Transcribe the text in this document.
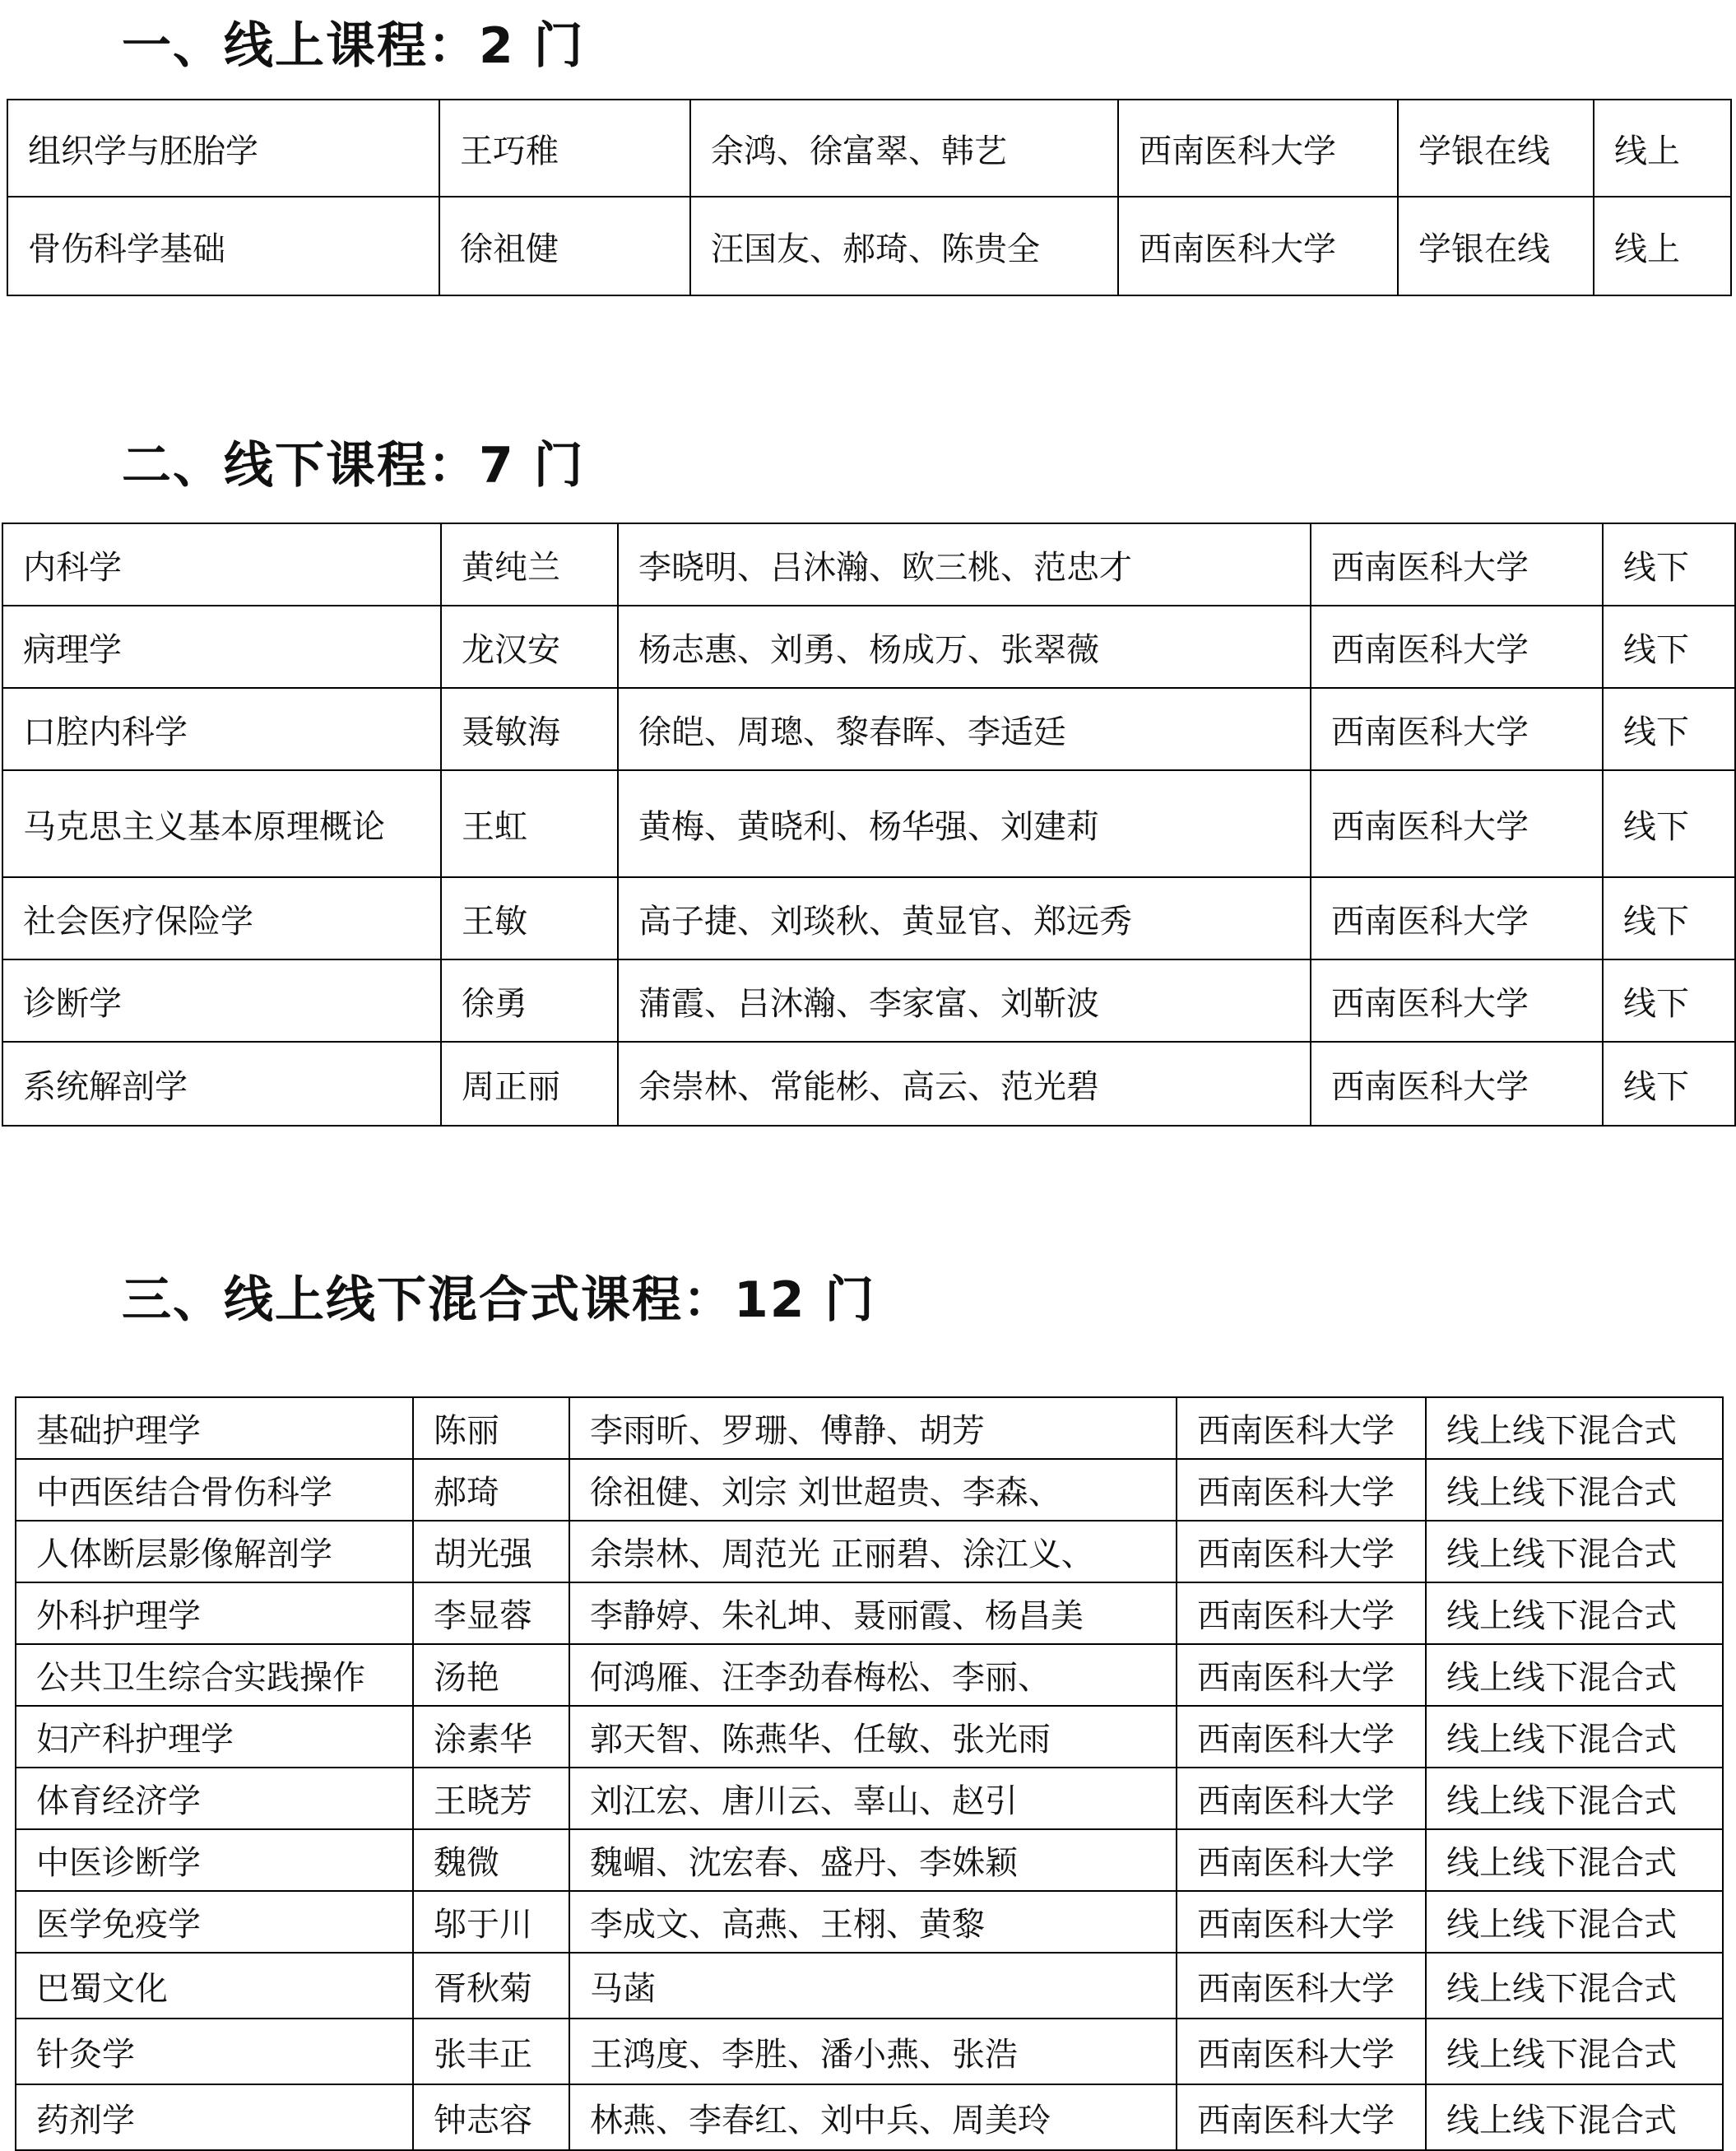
一、线上课程：2 门
组织学与胚胎学	王巧稚	余鸿、徐富翠、韩艺	西南医科大学	学银在线	线上
骨伤科学基础	徐祖健	汪国友、郝琦、陈贵全	西南医科大学	学银在线	线上
二、线下课程：7 门
内科学	黄纯兰	李晓明、吕沐瀚、欧三桃、范忠才	西南医科大学	线下
病理学	龙汉安	杨志惠、刘勇、杨成万、张翠薇	西南医科大学	线下
口腔内科学	聂敏海	徐皑、周璁、黎春晖、李适廷	西南医科大学	线下
马克思主义基本原理概论	王虹	黄梅、黄晓利、杨华强、刘建莉	西南医科大学	线下
社会医疗保险学	王敏	高子捷、刘琰秋、黄显官、郑远秀	西南医科大学	线下
诊断学	徐勇	蒲霞、吕沐瀚、李家富、刘靳波	西南医科大学	线下
系统解剖学	周正丽	余崇林、常能彬、高云、范光碧	西南医科大学	线下
三、线上线下混合式课程：12 门
基础护理学	陈丽	李雨昕、罗珊、傅静、胡芳	西南医科大学	线上线下混合式
中西医结合骨伤科学	郝琦	徐祖健、刘宗 刘世超贵、李森、	西南医科大学	线上线下混合式
人体断层影像解剖学	胡光强	余崇林、周范光 正丽碧、涂江义、	西南医科大学	线上线下混合式
外科护理学	李显蓉	李静婷、朱礼坤、聂丽霞、杨昌美	西南医科大学	线上线下混合式
公共卫生综合实践操作	汤艳	何鸿雁、汪李劲春梅松、李丽、	西南医科大学	线上线下混合式
妇产科护理学	涂素华	郭天智、陈燕华、任敏、张光雨	西南医科大学	线上线下混合式
体育经济学	王晓芳	刘江宏、唐川云、辜山、赵引	西南医科大学	线上线下混合式
中医诊断学	魏微	魏嵋、沈宏春、盛丹、李姝颖	西南医科大学	线上线下混合式
医学免疫学	邬于川	李成文、高燕、王栩、黄黎	西南医科大学	线上线下混合式
巴蜀文化	胥秋菊	马菡	西南医科大学	线上线下混合式
针灸学	张丰正	王鸿度、李胜、潘小燕、张浩	西南医科大学	线上线下混合式
药剂学	钟志容	林燕、李春红、刘中兵、周美玲	西南医科大学	线上线下混合式
